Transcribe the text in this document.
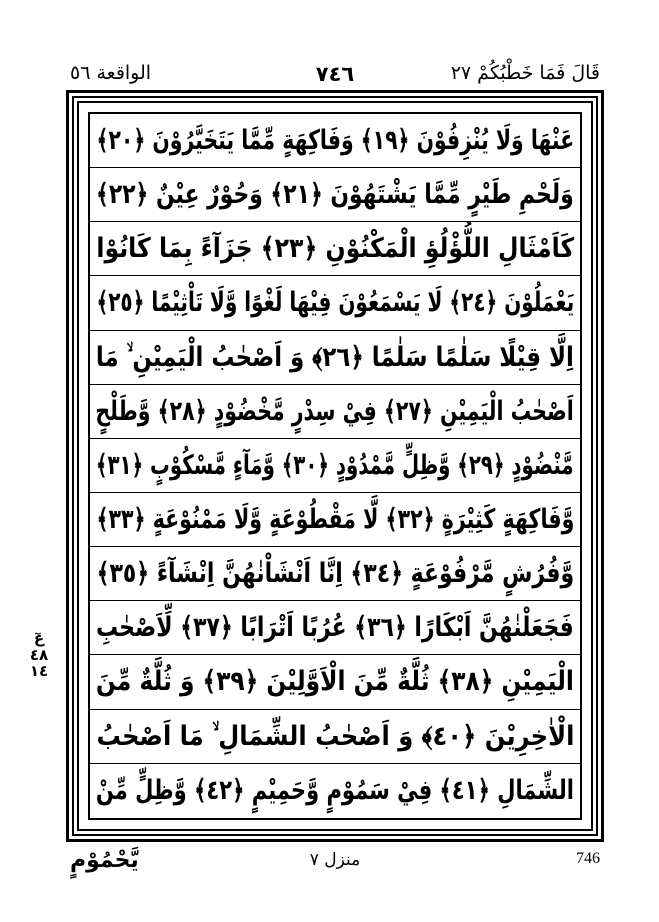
الواقعة ٥٦	٧٤٦	قَالَ فَمَا خَطْبُكُمْ ٢٧
عَنْهَا وَلَا يُنْزِفُوْنَ ﴿١٩﴾ وَفَاكِهَةٍ مِّمَّا يَتَخَيَّرُوْنَ ﴿٢٠﴾
وَلَحْمِ طَيْرٍ مِّمَّا يَشْتَهُوْنَ ﴿٢١﴾ وَحُوْرٌ عِيْنٌ ﴿٢٢﴾
كَاَمْثَالِ اللُّؤْلُؤِ الْمَكْنُوْنِ ﴿٢٣﴾ جَزَآءً بِمَا كَانُوْا
يَعْمَلُوْنَ ﴿٢٤﴾ لَا يَسْمَعُوْنَ فِيْهَا لَغْوًا وَّلَا تَاْثِيْمًا ﴿٢٥﴾
اِلَّا قِيْلًا سَلٰمًا سَلٰمًا ﴿٢٦﴾ وَ اَصْحٰبُ الْيَمِيْنِ ۙ مَا
اَصْحٰبُ الْيَمِيْنِ ﴿٢٧﴾ فِيْ سِدْرٍ مَّخْضُوْدٍ ﴿٢٨﴾ وَّطَلْحٍ
مَّنْضُوْدٍ ﴿٢٩﴾ وَّظِلٍّ مَّمْدُوْدٍ ﴿٣٠﴾ وَّمَآءٍ مَّسْكُوْبٍ ﴿٣١﴾
وَّفَاكِهَةٍ كَثِيْرَةٍ ﴿٣٢﴾ لَّا مَقْطُوْعَةٍ وَّلَا مَمْنُوْعَةٍ ﴿٣٣﴾
وَّفُرُشٍ مَّرْفُوْعَةٍ ﴿٣٤﴾ اِنَّا اَنْشَاْنٰهُنَّ اِنْشَآءً ﴿٣٥﴾
فَجَعَلْنٰهُنَّ اَبْكَارًا ﴿٣٦﴾ عُرُبًا اَتْرَابًا ﴿٣٧﴾ لِّاَصْحٰبِ
الْيَمِيْنِ ﴿٣٨﴾ ثُلَّةٌ مِّنَ الْاَوَّلِيْنَ ﴿٣٩﴾ وَ ثُلَّةٌ مِّنَ
الْاٰخِرِيْنَ ﴿٤٠﴾ وَ اَصْحٰبُ الشِّمَالِ ۙ مَا اَصْحٰبُ
الشِّمَالِ ﴿٤١﴾ فِيْ سَمُوْمٍ وَّحَمِيْمٍ ﴿٤٢﴾ وَّظِلٍّ مِّنْ
عٓ
٤٨
١٤
يَّحْمُوْمٍ	منزل ٧	746
